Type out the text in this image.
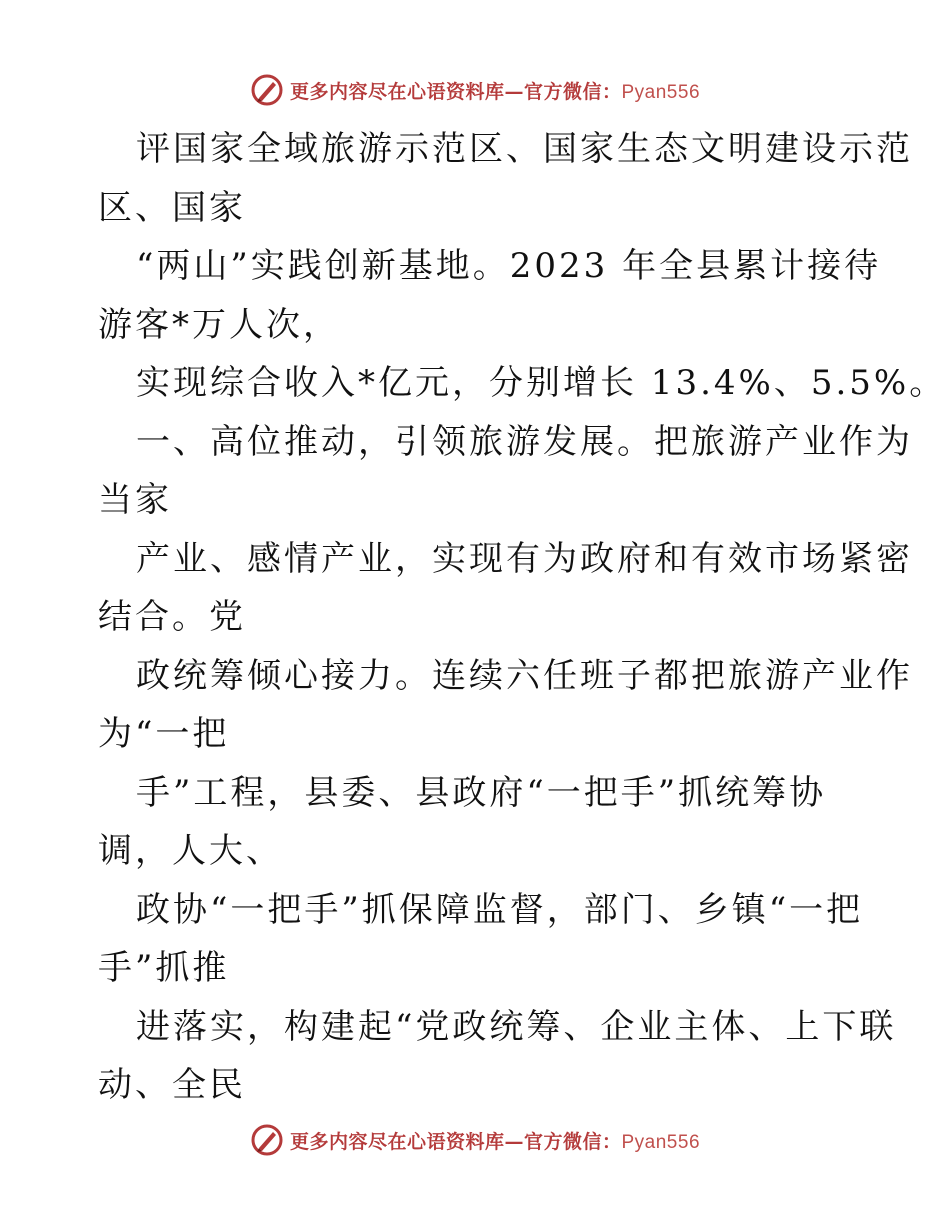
更多内容尽在心语资料库—官方微信：Pyan556
评国家全域旅游示范区、国家生态文明建设示范
区、国家
“两山”实践创新基地。2023 年全县累计接待
游客*万人次，
实现综合收入*亿元，分别增长 13.4%、5.5%。
一、高位推动，引领旅游发展。把旅游产业作为
当家
产业、感情产业，实现有为政府和有效市场紧密
结合。党
政统筹倾心接力。连续六任班子都把旅游产业作
为“一把
手”工程，县委、县政府“一把手”抓统筹协
调，人大、
政协“一把手”抓保障监督，部门、乡镇“一把
手”抓推
进落实，构建起“党政统筹、企业主体、上下联
动、全民
更多内容尽在心语资料库—官方微信：Pyan556
